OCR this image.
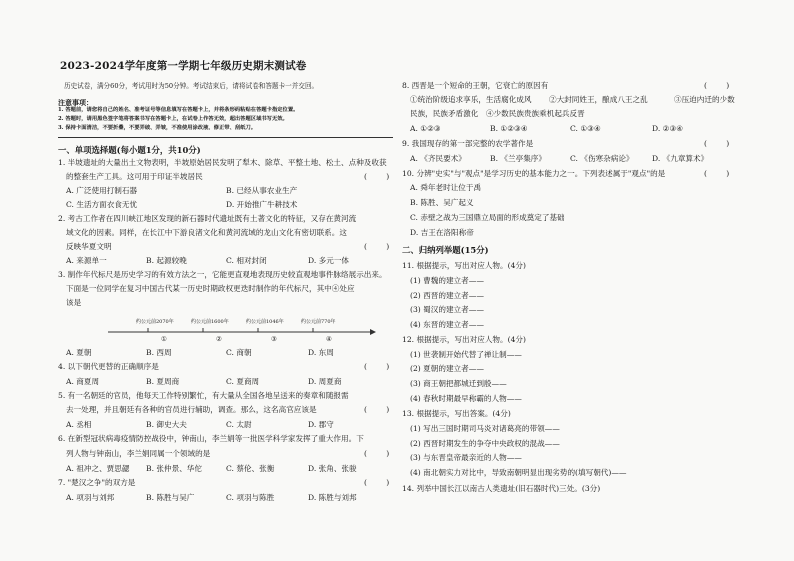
2023-2024学年度第一学期七年级历史期末测试卷
历史试卷，满分60分，考试用时为50分钟。考试结束后，请将试卷和答题卡一并交回。
注意事项：
1. 答题前，请您将自己的姓名、准考证号等信息填写在答题卡上，并将条形码粘贴在答题卡指定位置。
2. 答题时，请用黑色签字笔将答案书写在答题卡上，在试卷上作答无效，超出答题区域书写无效。
3. 保持卡面清洁，不要折叠，不要弄破、弄皱，不准使用涂改液、修正带、刮纸刀。
一、单项选择题(每小题1分，共10分)
1. 半坡遗址的大量出土文物表明，半坡原始居民发明了犁木、除草、平整土地、松土、点种及收获
的整套生产工具。这可用于印证半坡居民	(        )
A. 广泛使用打制石器	B. 已经从事农业生产
C. 生活方面衣食无忧	D. 开始推广牛耕技术
2. 考古工作者在四川峡江地区发现的新石器时代遗址既有土著文化的特征，又存在黄河流
域文化的因素。同样，在长江中下游良渚文化和黄河流域的龙山文化有密切联系。这
反映华夏文明	(        )
A. 来源单一	B. 起源较晚	C. 相对封闭	D. 多元一体
3. 制作年代标尺是历史学习的有效方法之一，它能更直观地表现历史较直观地事件脉络展示出来。
下面是一位同学在复习中国古代某一历史时期政权更迭时制作的年代标尺，其中④处应
该是
约公元前2070年	约公元前1600年	约公元前1046年	约公元前770年
①	②	③	④
A. 夏朝	B. 西周	C. 商朝	D. 东周
4. 以下朝代更替的正确顺序是	(        )
A. 商夏周	B. 夏周商	C. 夏商周	D. 周夏商
5. 有一名朝廷的官员，他每天工作特别繁忙，有大量从全国各地呈送来的奏章和随报需
去一处理，并且朝廷有各种的官员进行辅助，调查。那么，这名高官应该是	(        )
A. 丞相	B. 御史大夫	C. 太尉	D. 郡守
6. 在新型冠状病毒疫情防控战役中，钟南山，李兰娟等一批医学科学家发挥了重大作用。下
列人物与钟南山，李兰娟同属一个领域的是	(        )
A. 祖冲之、贾思勰 B. 张仲景、华佗	C. 蔡伦、张衡	D. 张角、张骏
7. "楚汉之争"的双方是	(        )
A. 项羽与刘邦	B. 陈胜与吴广	C. 项羽与陈胜	D. 陈胜与刘邦
8. 西晋是一个短命的王朝，它衰亡的原因有	(        )
①统治阶级追求享乐，生活腐化成风 ②大封同姓王，酿成八王之乱	③压迫内迁的少数
民族，民族矛盾激化 ④少数民族贵族乘机起兵反晋
A. ①②③	B. ①②③④	C. ①③④	D. ②③④
9. 我国现存的第一部完整的农学著作是	(        )
A. 《齐民要术》	B. 《兰亭集序》	C. 《伤寒杂病论》 D. 《九章算术》
10. 分辨"史实"与"观点"是学习历史的基本能力之一。下列表述属于"观点"的是	(        )
A. 舜年老时让位于禹
B. 陈胜、吴广起义
C. 赤壁之战为三国鼎立局面的形成奠定了基础
D. 吉王在洛阳称帝
二、归纳列举题(15分)
11. 根据提示，写出对应人物。(4分)
(1) 曹魏的建立者——
(2) 西晋的建立者——
(3) 蜀汉的建立者——
(4) 东晋的建立者——
12. 根据提示，写出对应人物。(4分)
(1) 世袭制开始代替了禅让制——
(2) 夏朝的建立者——
(3) 商王朝把都城迁到殷——
(4) 春秋时期最早称霸的人物——
13. 根据提示，写出答案。(4分)
(1) 写出三国时期司马炎对诸葛亮的带领——
(2) 西晋时期发生的争夺中央政权的混战——
(3) 与东晋皇帝最亲近的人物——
(4) 南北朝实力对比中，导致南朝明显出现劣势的(填写朝代)——
14. 列举中国长江以南古人类遗址(旧石器时代)三处。(3分)
